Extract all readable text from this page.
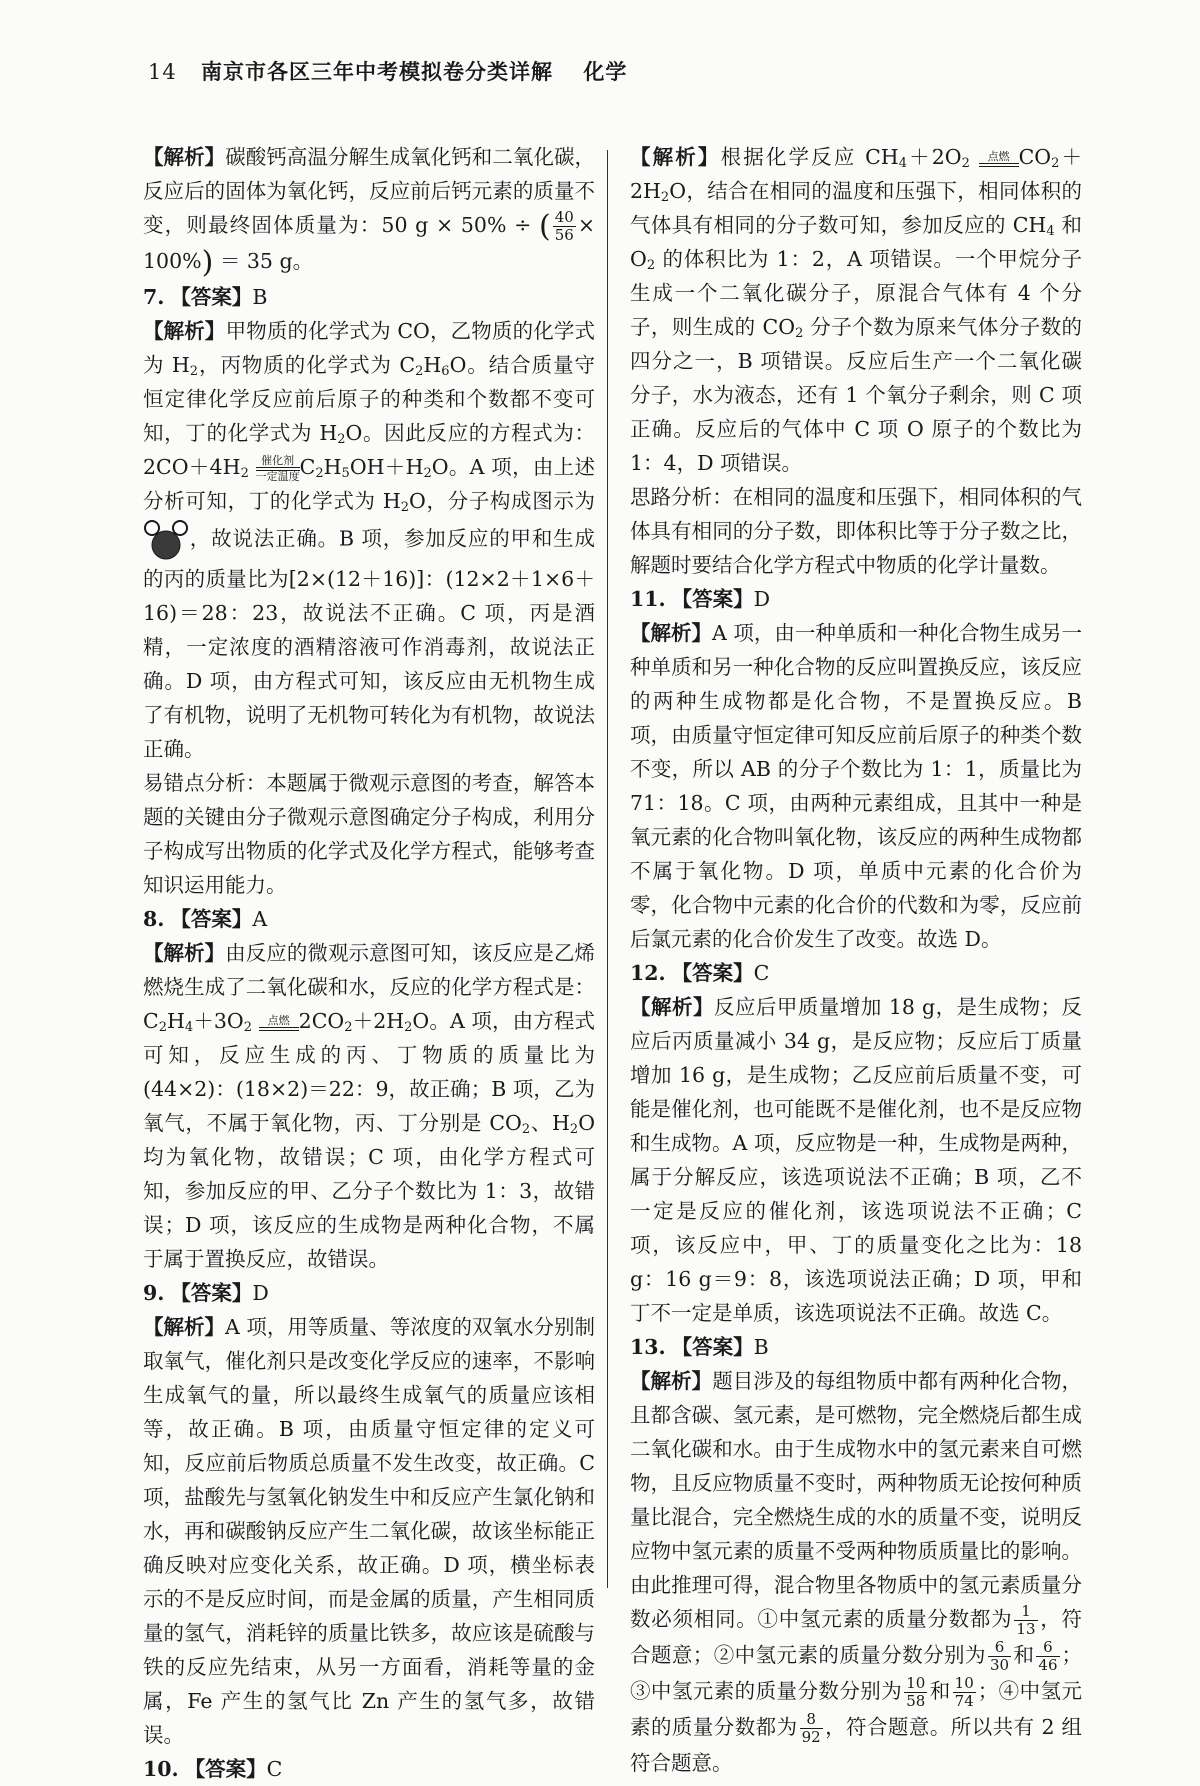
14 南京市各区三年中考模拟卷分类详解 化学

【解析】碳酸钙高温分解生成氧化钙和二氧化碳，反应后的固体为氧化钙，反应前后钙元素的质量不变，则最终固体质量为：50 g × 50% ÷ ( $\frac{40}{56} \times 100\%) = 35$ g。

7. 【答案】B

【解析】甲物质的化学式为 CO，乙物质的化学式为 $H_2$，丙物质的化学式为 $C_2H_6O$。结合质量守恒定律化学反应前后原子的种类和个数都不变可知，丁的化学式为 $H_2O$。因此反应的方程式为：$2CO+4H_2$
催化剂
一定温度 $C_2H_5OH+H_2O$。A 项，由上述分析可知，丁的化学式为 $H_2O$，分子构成图示为 ，故说法正确。B 项，参加反应的甲和生成的丙的质量比为[2×(12＋16)]：(12×2＋1×6＋16)＝28：23，故说法不正确。C 项，丙是酒精，一定浓度的酒精溶液可作消毒剂，故说法正确。D 项，由方程式可知，该反应由无机物生成了有机物，说明了无机物可转化为有机物，故说法正确。

易错点分析：本题属于微观示意图的考查，解答本题的关键由分子微观示意图确定分子构成，利用分子构成写出物质的化学式及化学方程式，能够考查知识运用能力。

8. 【答案】A

【解析】由反应的微观示意图可知，该反应是乙烯燃烧生成了二氧化碳和水，反应的化学方程式是：$C_2H_4+3O_2$	点燃 $2CO_2+2H_2O$。A 项，由方程式可知，反应生成的丙、丁物质的质量比为(44×2)：(18×2)＝22：9，故正确；B 项，乙为氧气，不属于氧化物，丙、丁分别是 $CO_2$、$H_2O$ 均为氧化物，故错误；C 项，由化学方程式可知，参加反应的甲、乙分子个数比为 1：3，故错误；D 项，该反应的生成物是两种化合物，不属于属于置换反应，故错误。

9. 【答案】D

【解析】A 项，用等质量、等浓度的双氧水分别制取氧气，催化剂只是改变化学反应的速率，不影响生成氧气的量，所以最终生成氧气的质量应该相等，故正确。B 项，由质量守恒定律的定义可知，反应前后物质总质量不发生改变，故正确。C 项，盐酸先与氢氧化钠发生中和反应产生氯化钠和水，再和碳酸钠反应产生二氧化碳，故该坐标能正确反映对应变化关系，故正确。D 项，横坐标表示的不是反应时间，而是金属的质量，产生相同质量的氢气，消耗锌的质量比铁多，故应该是硫酸与铁的反应先结束，从另一方面看，消耗等量的金属，Fe 产生的氢气比 Zn 产生的氢气多，故错误。

10. 【答案】C

【解析】根据化学反应 $CH_4+2O_2$	点燃 $CO_2+2H_2O$，结合在相同的温度和压强下，相同体积的气体具有相同的分子数可知，参加反应的 $CH_4$ 和 $O_2$ 的体积比为 1：2，A 项错误。一个甲烷分子生成一个二氧化碳分子，原混合气体有 4 个分子，则生成的 $CO_2$ 分子个数为原来气体分子数的四分之一，B 项错误。反应后生产一个二氧化碳分子，水为液态，还有 1 个氧分子剩余，则 C 项正确。反应后的气体中 C 项 O 原子的个数比为 1：4，D 项错误。

思路分析：在相同的温度和压强下，相同体积的气体具有相同的分子数，即体积比等于分子数之比，解题时要结合化学方程式中物质的化学计量数。

11. 【答案】D

【解析】A 项，由一种单质和一种化合物生成另一种单质和另一种化合物的反应叫置换反应，该反应的两种生成物都是化合物，不是置换反应。B 项，由质量守恒定律可知反应前后原子的种类个数不变，所以 AB 的分子个数比为 1：1，质量比为 71：18。C 项，由两种元素组成，且其中一种是氧元素的化合物叫氧化物，该反应的两种生成物都不属于氧化物。D 项，单质中元素的化合价为零，化合物中元素的化合价的代数和为零，反应前后氯元素的化合价发生了改变。故选 D。

12. 【答案】C

【解析】反应后甲质量增加 18 g，是生成物；反应后丙质量减小 34 g，是反应物；反应后丁质量增加 16 g，是生成物；乙反应前后质量不变，可能是催化剂，也可能既不是催化剂，也不是反应物和生成物。A 项，反应物是一种，生成物是两种，属于分解反应，该选项说法不正确；B 项，乙不一定是反应的催化剂，该选项说法不正确；C 项，该反应中，甲、丁的质量变化之比为：18 g：16 g＝9：8，该选项说法正确；D 项，甲和丁不一定是单质，该选项说法不正确。故选 C。

13. 【答案】B

【解析】题目涉及的每组物质中都有两种化合物，且都含碳、氢元素，是可燃物，完全燃烧后都生成二氧化碳和水。由于生成物水中的氢元素来自可燃物，且反应物质量不变时，两种物质无论按何种质量比混合，完全燃烧生成的水的质量不变，说明反应物中氢元素的质量不受两种物质质量比的影响。由此推理可得，混合物里各物质中的氢元素质量分数必须相同。①中氢元素的质量分数都为 $\frac{1}{13}$ ，符合题意；②中氢元素的质量分数分别为 $\frac{6}{30}$ 和 $\frac{6}{46}$ ；③中氢元素的质量分数分别为 $\frac{10}{58}$ 和 $\frac{10}{74}$ ；④中氢元素的质量分数都为 $\frac{8}{92}$ ，符合题意。所以共有 2 组符合题意。
